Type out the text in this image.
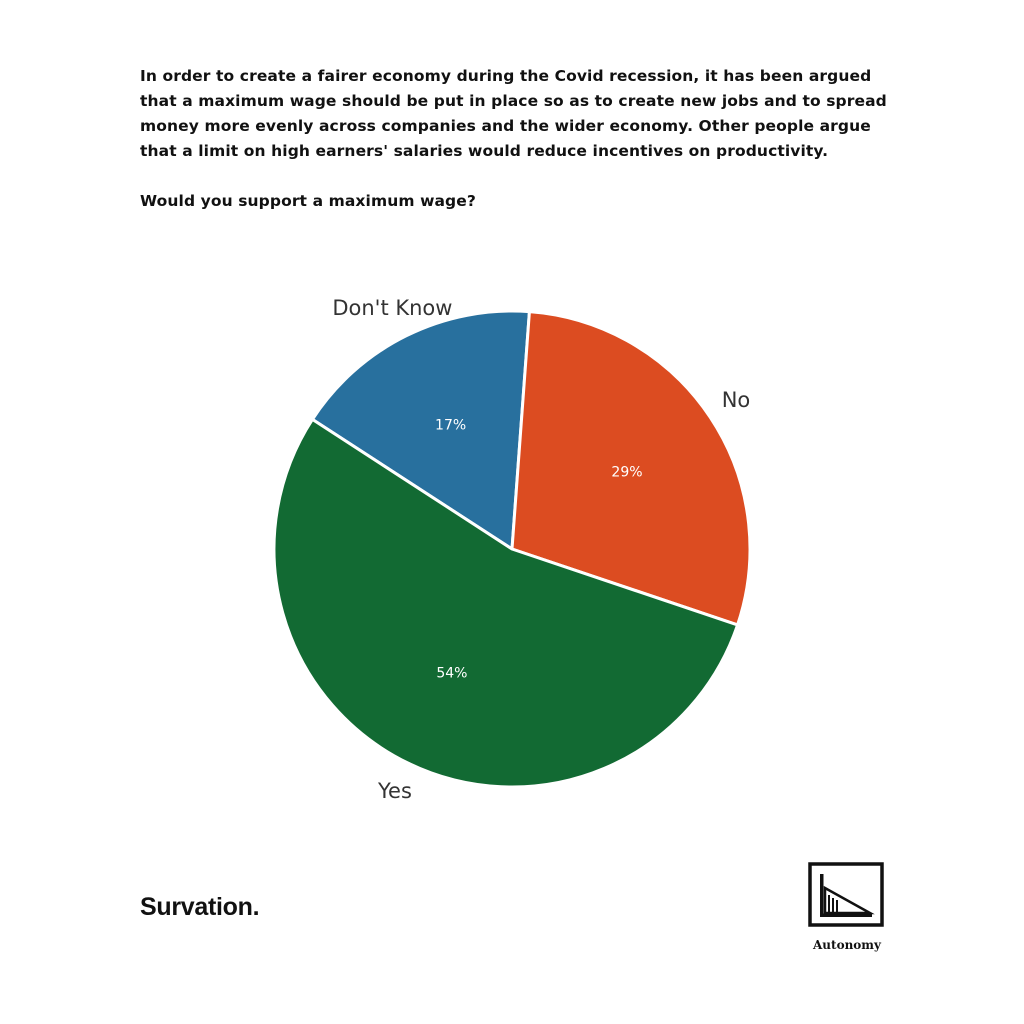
In order to create a fairer economy during the Covid recession, it has been argued that a maximum wage should be put in place so as to create new jobs and to spread money more evenly across companies and the wider economy. Other people argue that a limit on high earners' salaries would reduce incentives on productivity.

Would you support a maximum wage?

17%
29%
54%
Don't Know
No
Yes
Survation.
Autonomy
